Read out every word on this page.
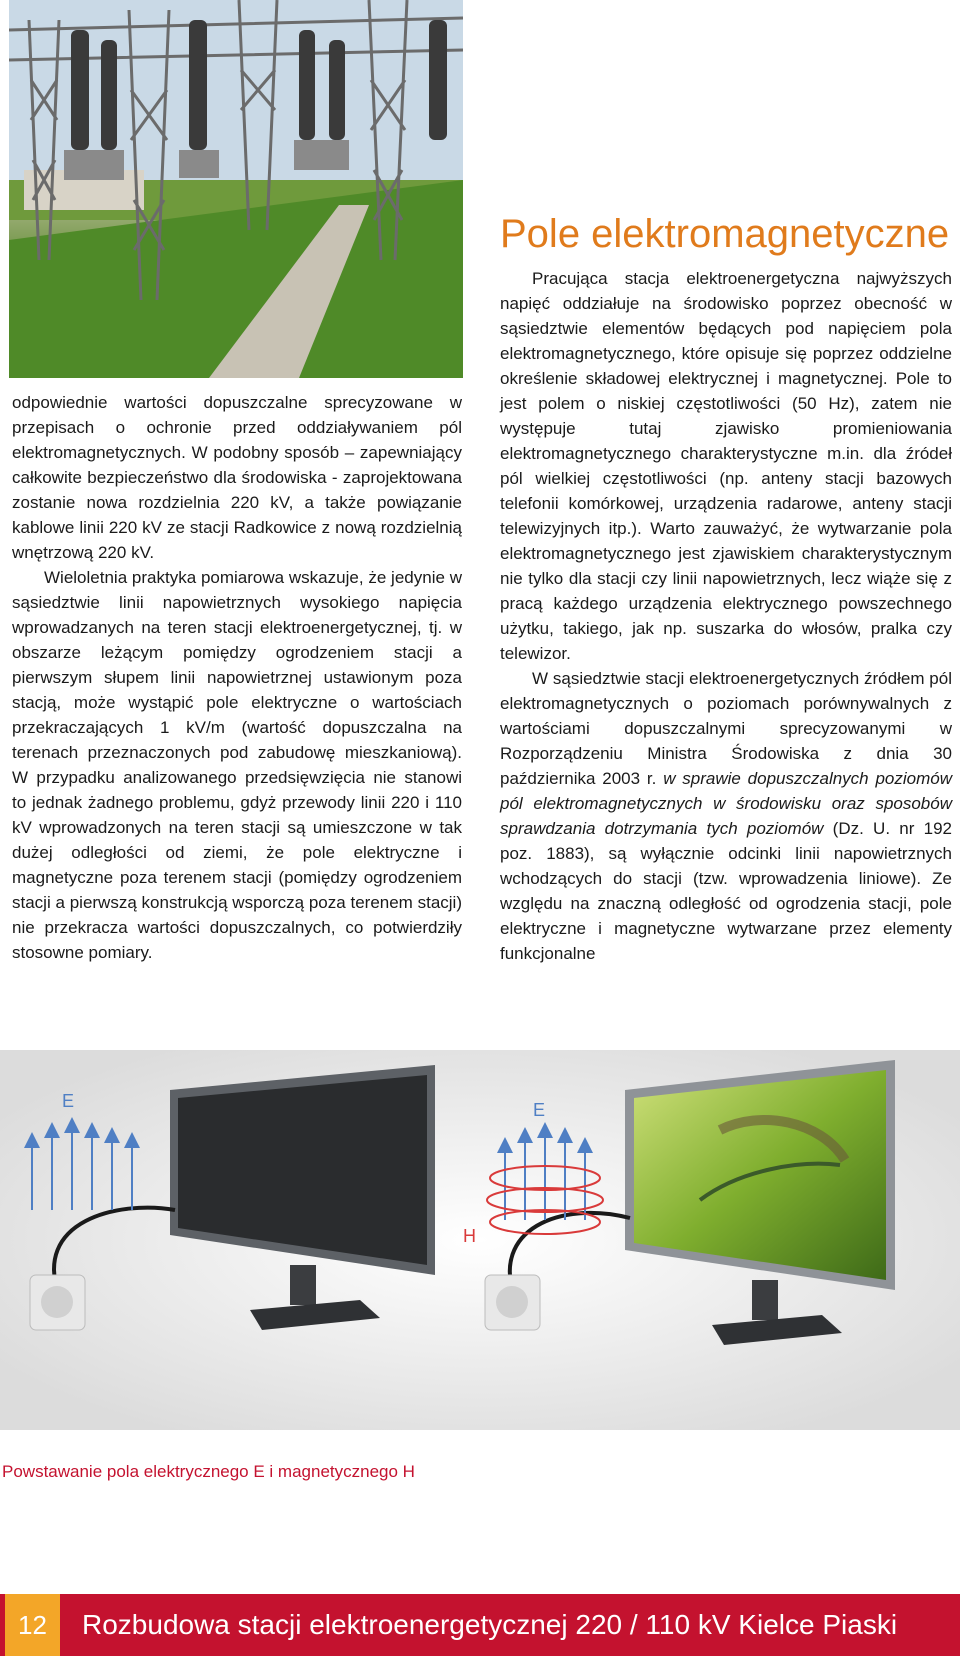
odpowiednie wartości dopuszczalne sprecyzowane w przepisach o ochronie przed oddziaływaniem pól elektromagnetycznych. W podobny sposób – zapewniający całkowite bezpieczeństwo dla środowiska - zaprojektowana zostanie nowa rozdzielnia 220 kV, a także powiązanie kablowe linii 220 kV ze stacji Radkowice z nową rozdzielnią wnętrzową 220 kV.

Wieloletnia praktyka pomiarowa wskazuje, że jedynie w sąsiedztwie linii napowietrznych wysokiego napięcia wprowadzanych na teren stacji elektroenergetycznej, tj. w obszarze leżącym pomiędzy ogrodzeniem stacji a pierwszym słupem linii napowietrznej ustawionym poza stacją, może wystąpić pole elektryczne o wartościach przekraczających 1 kV/m (wartość dopuszczalna na terenach przeznaczonych pod zabudowę mieszkaniową). W przypadku analizowanego przedsięwzięcia nie stanowi to jednak żadnego problemu, gdyż przewody linii 220 i 110 kV wprowadzonych na teren stacji są umieszczone w tak dużej odległości od ziemi, że pole elektryczne i magnetyczne poza terenem stacji (pomiędzy ogrodzeniem stacji a pierwszą konstrukcją wsporczą poza terenem stacji) nie przekracza wartości dopuszczalnych, co potwierdziły stosowne pomiary.

Pole elektromagnetyczne

Pracująca stacja elektroenergetyczna najwyższych napięć oddziałuje na środowisko poprzez obecność w sąsiedztwie elementów będących pod napięciem pola elektromagnetycznego, które opisuje się poprzez oddzielne określenie składowej elektrycznej i magnetycznej. Pole to jest polem o niskiej częstotliwości (50 Hz), zatem nie występuje tutaj zjawisko promieniowania elektromagnetycznego charakterystyczne m.in. dla źródeł pól wielkiej częstotliwości (np. anteny stacji bazowych telefonii komórkowej, urządzenia radarowe, anteny stacji telewizyjnych itp.). Warto zauważyć, że wytwarzanie pola elektromagnetycznego jest zjawiskiem charakterystycznym nie tylko dla stacji czy linii napowietrznych, lecz wiąże się z pracą każdego urządzenia elektrycznego powszechnego użytku, takiego, jak np. suszarka do włosów, pralka czy telewizor.

W sąsiedztwie stacji elektroenergetycznych źródłem pól elektromagnetycznych o poziomach porównywalnych z wartościami dopuszczalnymi sprecyzowanymi w Rozporządzeniu Ministra Środowiska z dnia 30 października 2003 r. w sprawie dopuszczalnych poziomów pól elektromagnetycznych w środowisku oraz sposobów sprawdzania dotrzymania tych poziomów (Dz. U. nr 192 poz. 1883), są wyłącznie odcinki linii napowietrznych wchodzących do stacji (tzw. wprowadzenia liniowe). Ze względu na znaczną odległość od ogrodzenia stacji, pole elektryczne i magnetyczne wytwarzane przez elementy funkcjonalne

E	E
H
Powstawanie pola elektrycznego E i magnetycznego H
12	Rozbudowa stacji elektroenergetycznej 220 / 110 kV Kielce Piaski
